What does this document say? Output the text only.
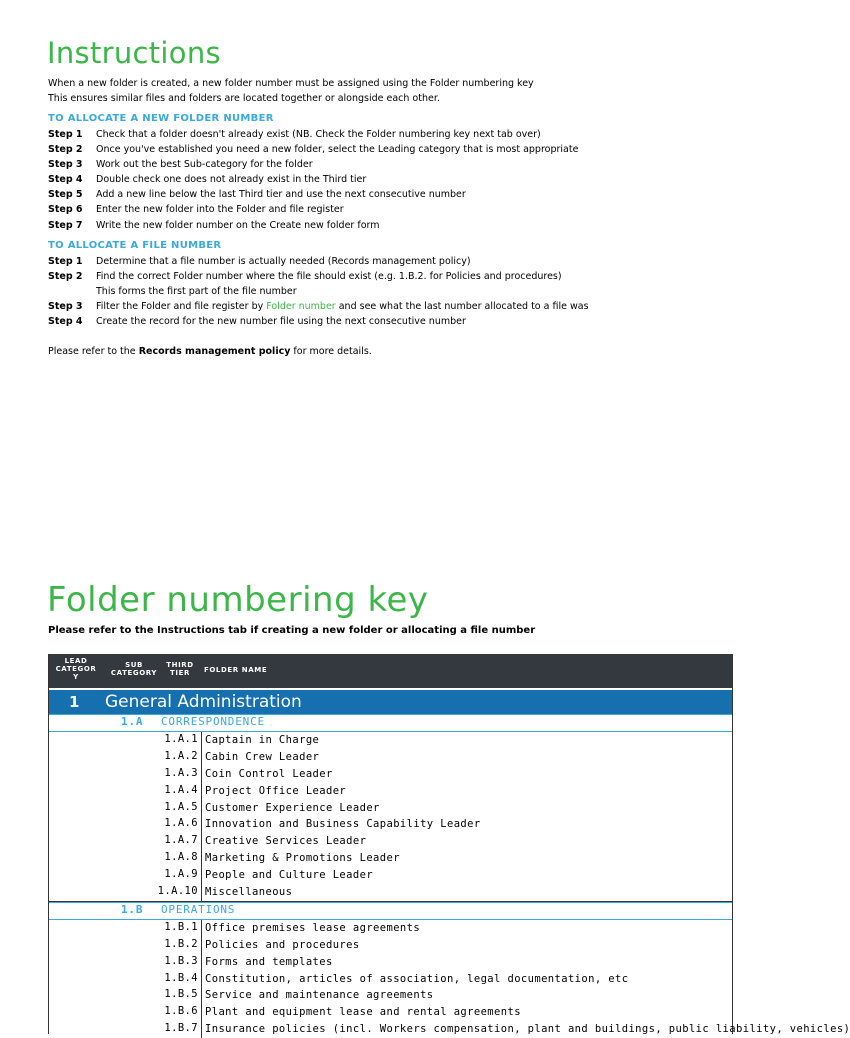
Instructions
When a new folder is created, a new folder number must be assigned using the Folder numbering key
This ensures similar files and folders are located together or alongside each other.
TO ALLOCATE A NEW FOLDER NUMBER
Step 1 Check that a folder doesn't already exist (NB. Check the Folder numbering key next tab over)
Step 2 Once you've established you need a new folder, select the Leading category that is most appropriate
Step 3 Work out the best Sub-category for the folder
Step 4 Double check one does not already exist in the Third tier
Step 5 Add a new line below the last Third tier and use the next consecutive number
Step 6 Enter the new folder into the Folder and file register
Step 7 Write the new folder number on the Create new folder form
TO ALLOCATE A FILE NUMBER
Step 1 Determine that a file number is actually needed (Records management policy)
Step 2 Find the correct Folder number where the file should exist (e.g. 1.B.2. for Policies and procedures)
This forms the first part of the file number
Step 3 Filter the Folder and file register by Folder number and see what the last number allocated to a file was
Step 4 Create the record for the new number file using the next consecutive number
Please refer to the Records management policy for more details.
Folder numbering key
Please refer to the Instructions tab if creating a new folder or allocating a file number
LEAD
CATEGOR
Y
SUB
CATEGORY
THIRD
TIER	FOLDER NAME
1 General Administration
1.A CORRESPONDENCE
1.A.1 Captain in Charge
1.A.2 Cabin Crew Leader
1.A.3 Coin Control Leader
1.A.4 Project Office Leader
1.A.5 Customer Experience Leader
1.A.6 Innovation and Business Capability Leader
1.A.7 Creative Services Leader
1.A.8 Marketing & Promotions Leader
1.A.9 People and Culture Leader
1.A.10 Miscellaneous
1.B OPERATIONS
1.B.1 Office premises lease agreements
1.B.2 Policies and procedures
1.B.3 Forms and templates
1.B.4 Constitution, articles of association, legal documentation, etc
1.B.5 Service and maintenance agreements
1.B.6 Plant and equipment lease and rental agreements
1.B.7 Insurance policies (incl. Workers compensation, plant and buildings, public liability, vehicles)
